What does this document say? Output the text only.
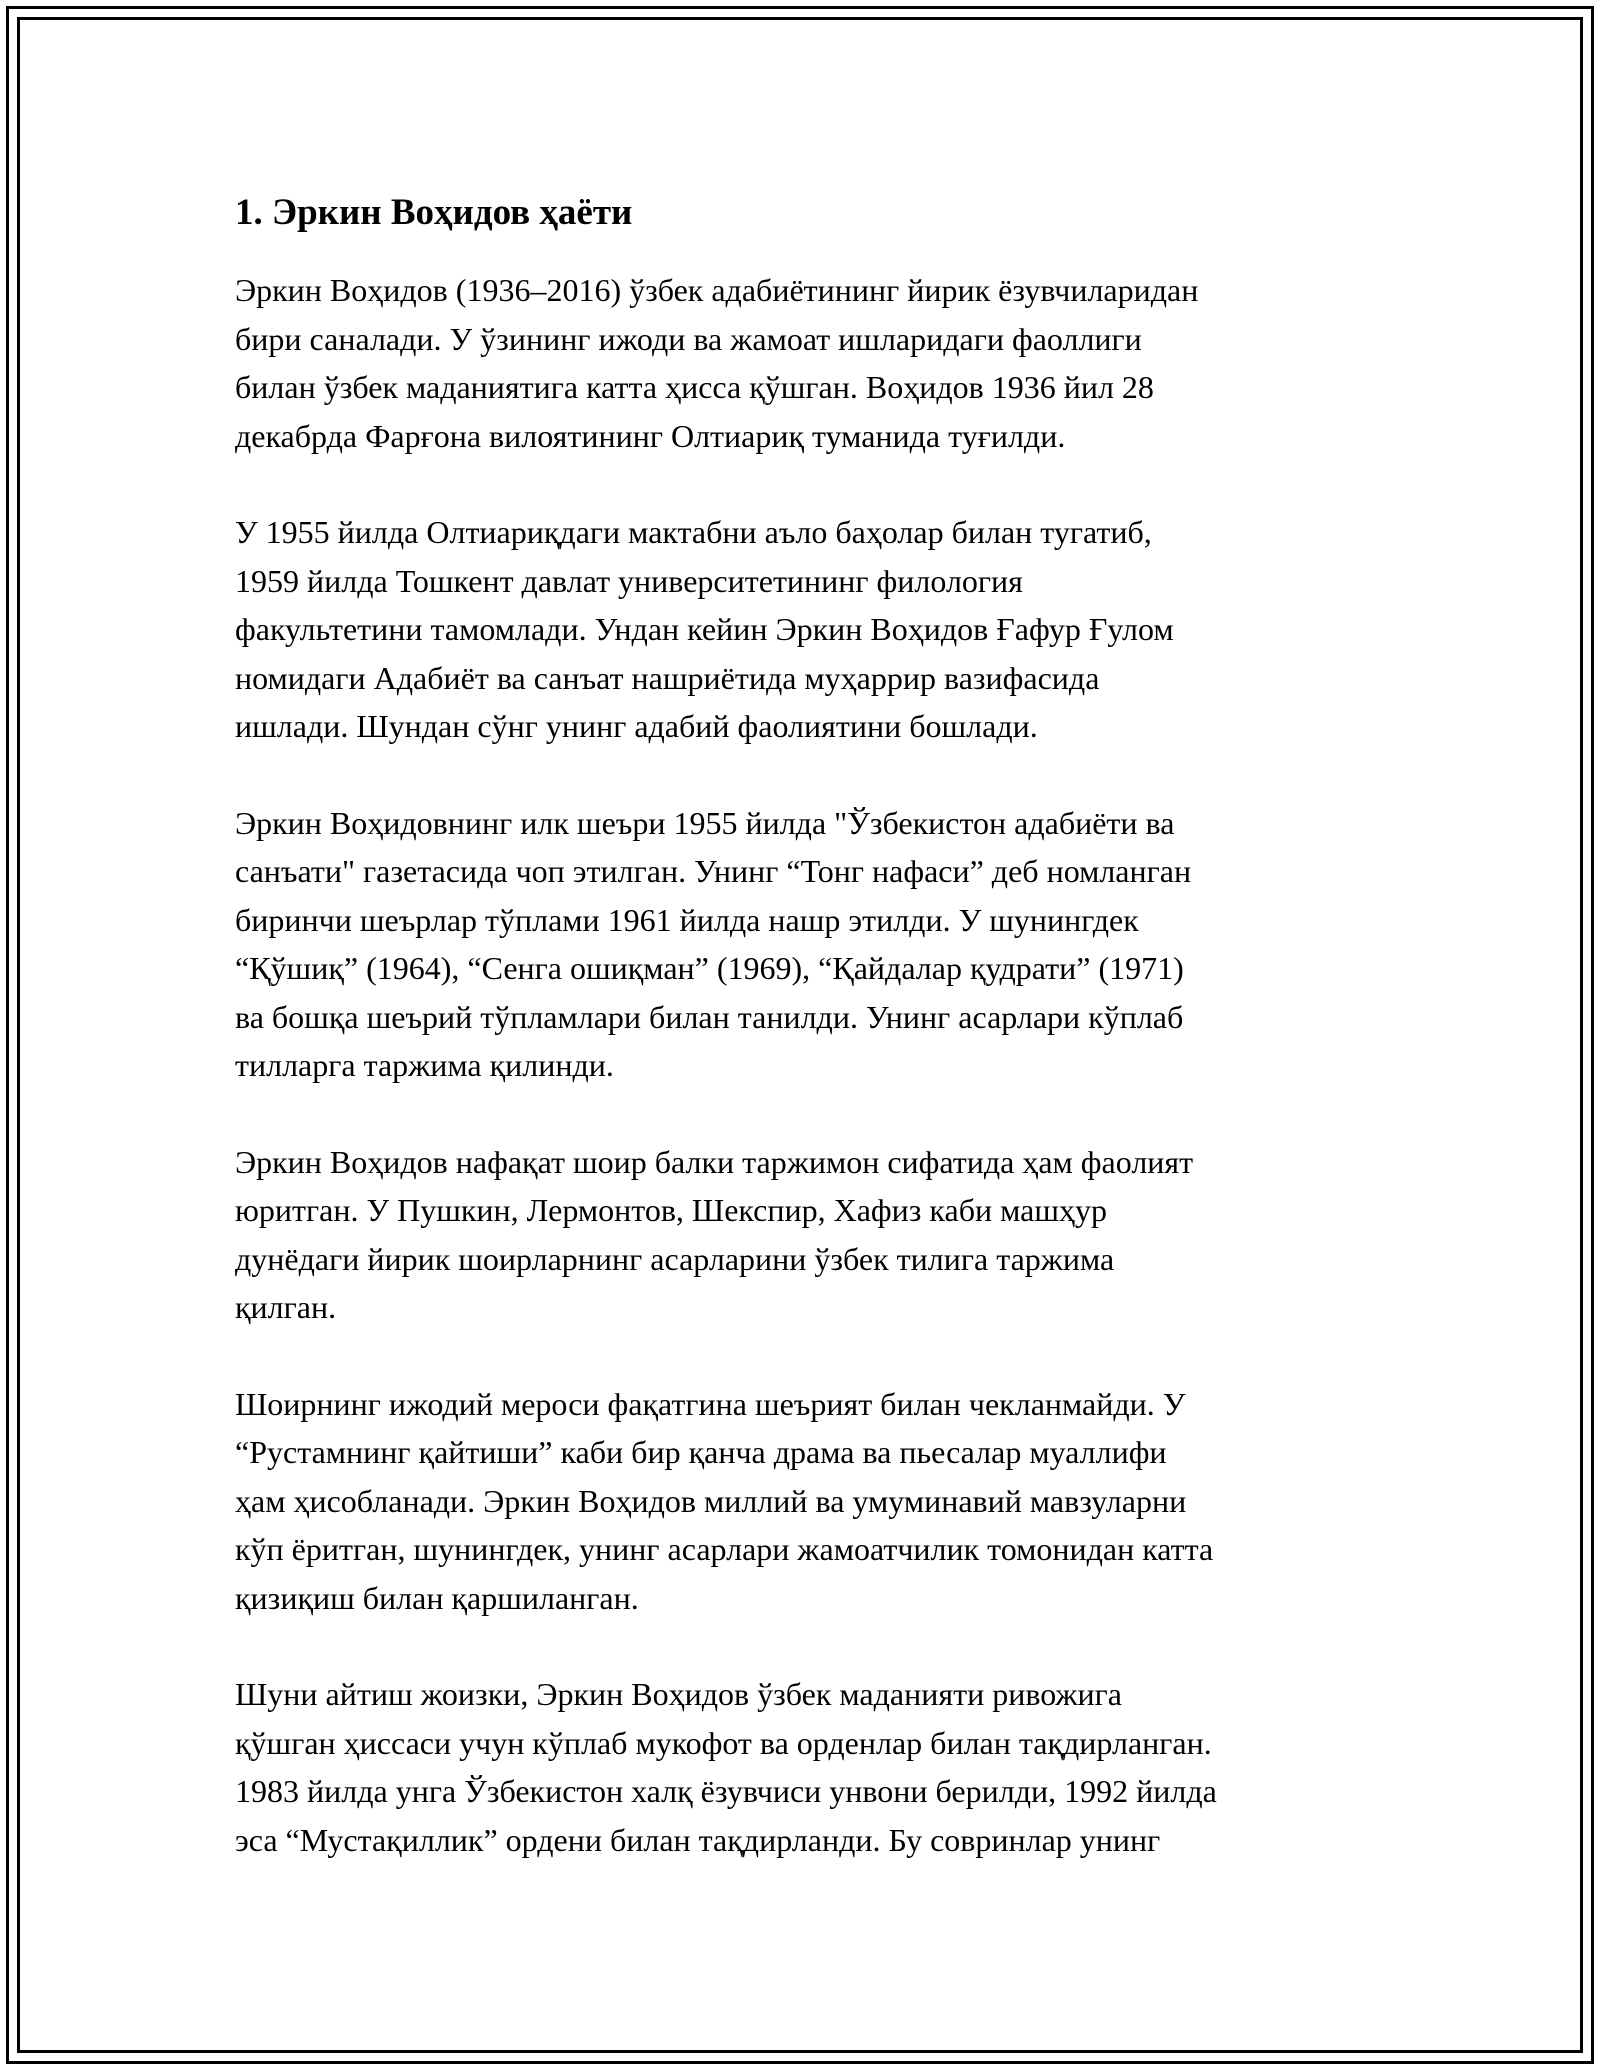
1. Эркин Воҳидов ҳаёти

Эркин Воҳидов (1936–2016) ўзбек адабиётининг йирик ёзувчиларидан
бири саналади. У ўзининг ижоди ва жамоат ишларидаги фаоллиги
билан ўзбек маданиятига катта ҳисса қўшган. Воҳидов 1936 йил 28
декабрда Фарғона вилоятининг Олтиариқ туманида туғилди.

У 1955 йилда Олтиариқдаги мактабни аъло баҳолар билан тугатиб,
1959 йилда Тошкент давлат университетининг филология
факультетини тамомлади. Ундан кейин Эркин Воҳидов Ғафур Ғулом
номидаги Адабиёт ва санъат нашриётида муҳаррир вазифасида
ишлади. Шундан сўнг унинг адабий фаолиятини бошлади.

Эркин Воҳидовнинг илк шеъри 1955 йилда "Ўзбекистон адабиёти ва
санъати" газетасида чоп этилган. Унинг “Тонг нафаси” деб номланган
биринчи шеърлар тўплами 1961 йилда нашр этилди. У шунингдек
“Қўшиқ” (1964), “Сенга ошиқман” (1969), “Қайдалар қудрати” (1971)
ва бошқа шеърий тўпламлари билан танилди. Унинг асарлари кўплаб
тилларга таржима қилинди.

Эркин Воҳидов нафақат шоир балки таржимон сифатида ҳам фаолият
юритган. У Пушкин, Лермонтов, Шекспир, Хафиз каби машҳур
дунёдаги йирик шоирларнинг асарларини ўзбек тилига таржима
қилган.

Шоирнинг ижодий мероси фақатгина шеърият билан чекланмайди. У
“Рустамнинг қайтиши” каби бир қанча драма ва пьесалар муаллифи
ҳам ҳисобланади. Эркин Воҳидов миллий ва умуминавий мавзуларни
кўп ёритган, шунингдек, унинг асарлари жамоатчилик томонидан катта
қизиқиш билан қаршиланган.

Шуни айтиш жоизки, Эркин Воҳидов ўзбек маданияти ривожига
қўшган ҳиссаси учун кўплаб мукофот ва орденлар билан тақдирланган.
1983 йилда унга Ўзбекистон халқ ёзувчиси унвони берилди, 1992 йилда
эса “Мустақиллик” ордени билан тақдирланди. Бу совринлар унинг
